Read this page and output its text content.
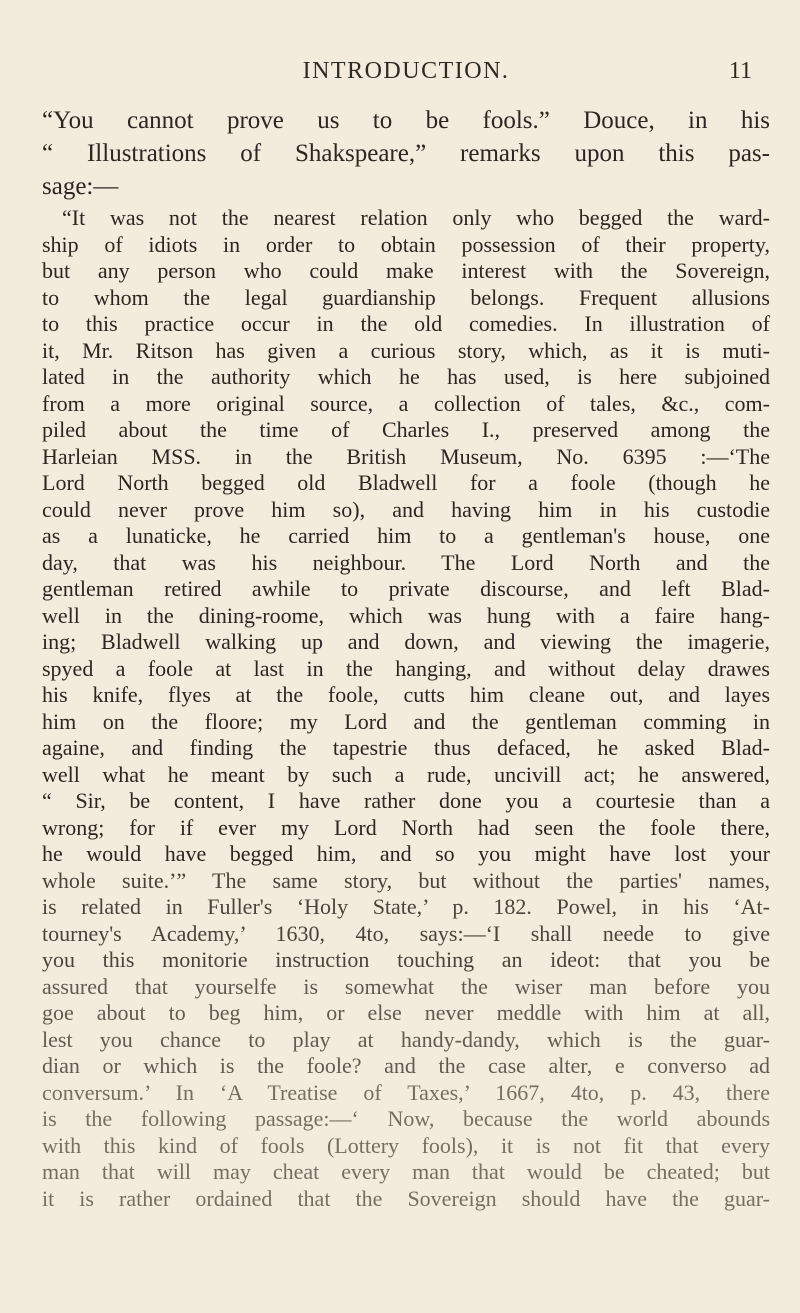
INTRODUCTION.	11
“You cannot prove us to be fools.” Douce, in his
“ Illustrations of Shakspeare,” remarks upon this pas-
sage:—
“It was not the nearest relation only who begged the ward-
ship of idiots in order to obtain possession of their property,
but any person who could make interest with the Sovereign,
to whom the legal guardianship belongs. Frequent allusions
to this practice occur in the old comedies. In illustration of
it, Mr. Ritson has given a curious story, which, as it is muti-
lated in the authority which he has used, is here subjoined
from a more original source, a collection of tales, &c., com-
piled about the time of Charles I., preserved among the
Harleian MSS. in the British Museum, No. 6395 :—‘The
Lord North begged old Bladwell for a foole (though he
could never prove him so), and having him in his custodie
as a lunaticke, he carried him to a gentleman's house, one
day, that was his neighbour. The Lord North and the
gentleman retired awhile to private discourse, and left Blad-
well in the dining-roome, which was hung with a faire hang-
ing; Bladwell walking up and down, and viewing the imagerie,
spyed a foole at last in the hanging, and without delay drawes
his knife, flyes at the foole, cutts him cleane out, and layes
him on the floore; my Lord and the gentleman comming in
againe, and finding the tapestrie thus defaced, he asked Blad-
well what he meant by such a rude, uncivill act; he answered,
“ Sir, be content, I have rather done you a courtesie than a
wrong; for if ever my Lord North had seen the foole there,
he would have begged him, and so you might have lost your
whole suite.’” The same story, but without the parties' names,
is related in Fuller's ‘Holy State,’ p. 182. Powel, in his ‘At-
tourney's Academy,’ 1630, 4to, says:—‘I shall neede to give
you this monitorie instruction touching an ideot: that you be
assured that yourselfe is somewhat the wiser man before you
goe about to beg him, or else never meddle with him at all,
lest you chance to play at handy-dandy, which is the guar-
dian or which is the foole? and the case alter, e converso ad
conversum.’ In ‘A Treatise of Taxes,’ 1667, 4to, p. 43, there
is the following passage:—‘ Now, because the world abounds
with this kind of fools (Lottery fools), it is not fit that every
man that will may cheat every man that would be cheated; but
it is rather ordained that the Sovereign should have the guar-
